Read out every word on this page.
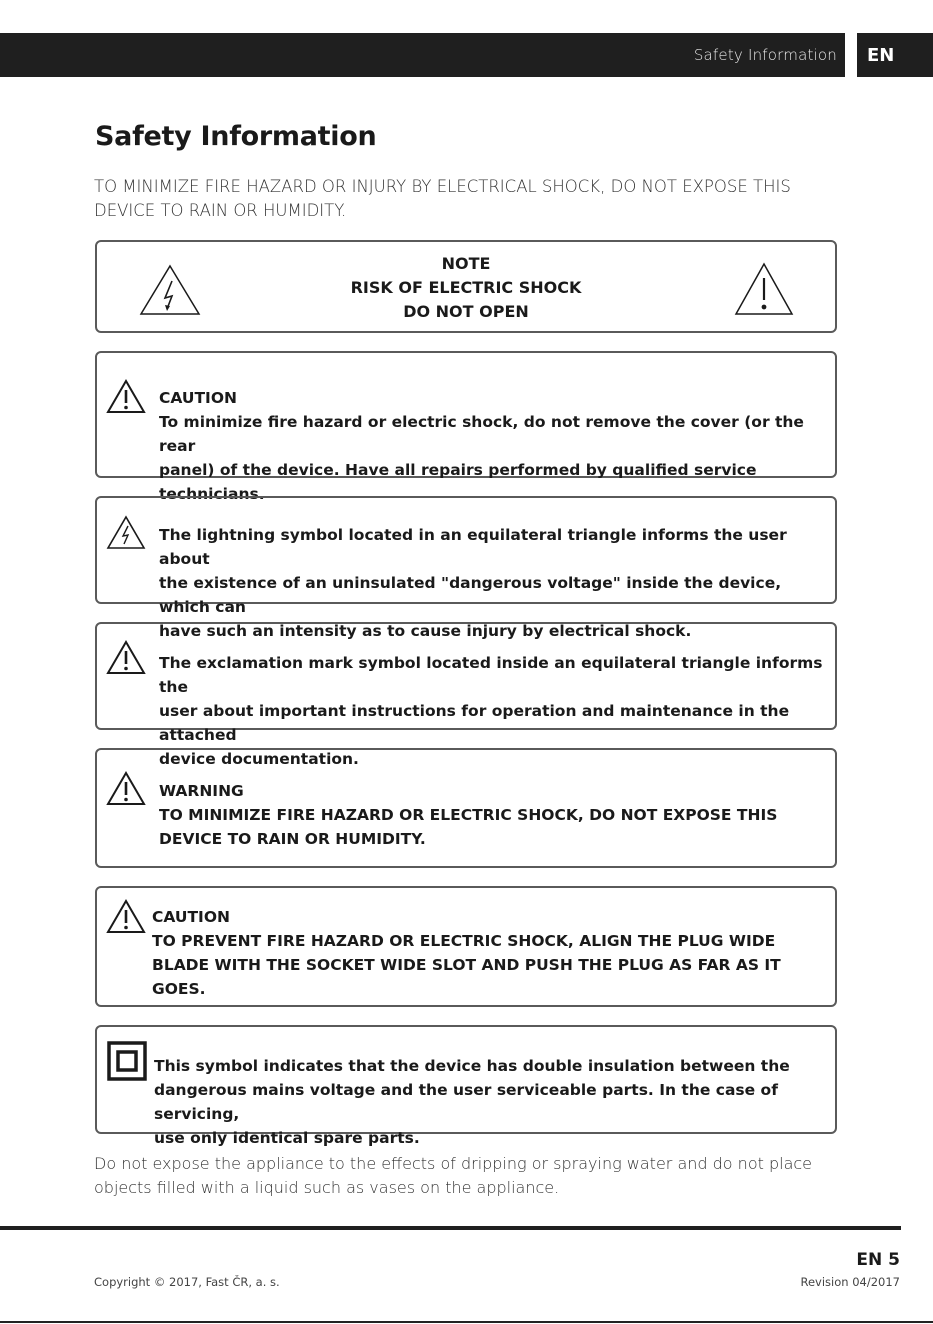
Safety Information	EN
Safety Information
TO MINIMIZE FIRE HAZARD OR INJURY BY ELECTRICAL SHOCK, DO NOT EXPOSE THIS DEVICE TO RAIN OR HUMIDITY.
NOTE
RISK OF ELECTRIC SHOCK
DO NOT OPEN
CAUTION
To minimize fire hazard or electric shock, do not remove the cover (or the rear
panel) of the device. Have all repairs performed by qualified service technicians.
The lightning symbol located in an equilateral triangle informs the user about
the existence of an uninsulated "dangerous voltage" inside the device, which can
have such an intensity as to cause injury by electrical shock.
The exclamation mark symbol located inside an equilateral triangle informs the
user about important instructions for operation and maintenance in the attached
device documentation.
WARNING
TO MINIMIZE FIRE HAZARD OR ELECTRIC SHOCK, DO NOT EXPOSE THIS
DEVICE TO RAIN OR HUMIDITY.
CAUTION
TO PREVENT FIRE HAZARD OR ELECTRIC SHOCK, ALIGN THE PLUG WIDE
BLADE WITH THE SOCKET WIDE SLOT AND PUSH THE PLUG AS FAR AS IT
GOES.
This symbol indicates that the device has double insulation between the
dangerous mains voltage and the user serviceable parts. In the case of servicing,
use only identical spare parts.
Do not expose the appliance to the effects of dripping or spraying water and do not place
objects filled with a liquid such as vases on the appliance.
EN 5
Copyright © 2017, Fast ČR, a. s.	Revision 04/2017
